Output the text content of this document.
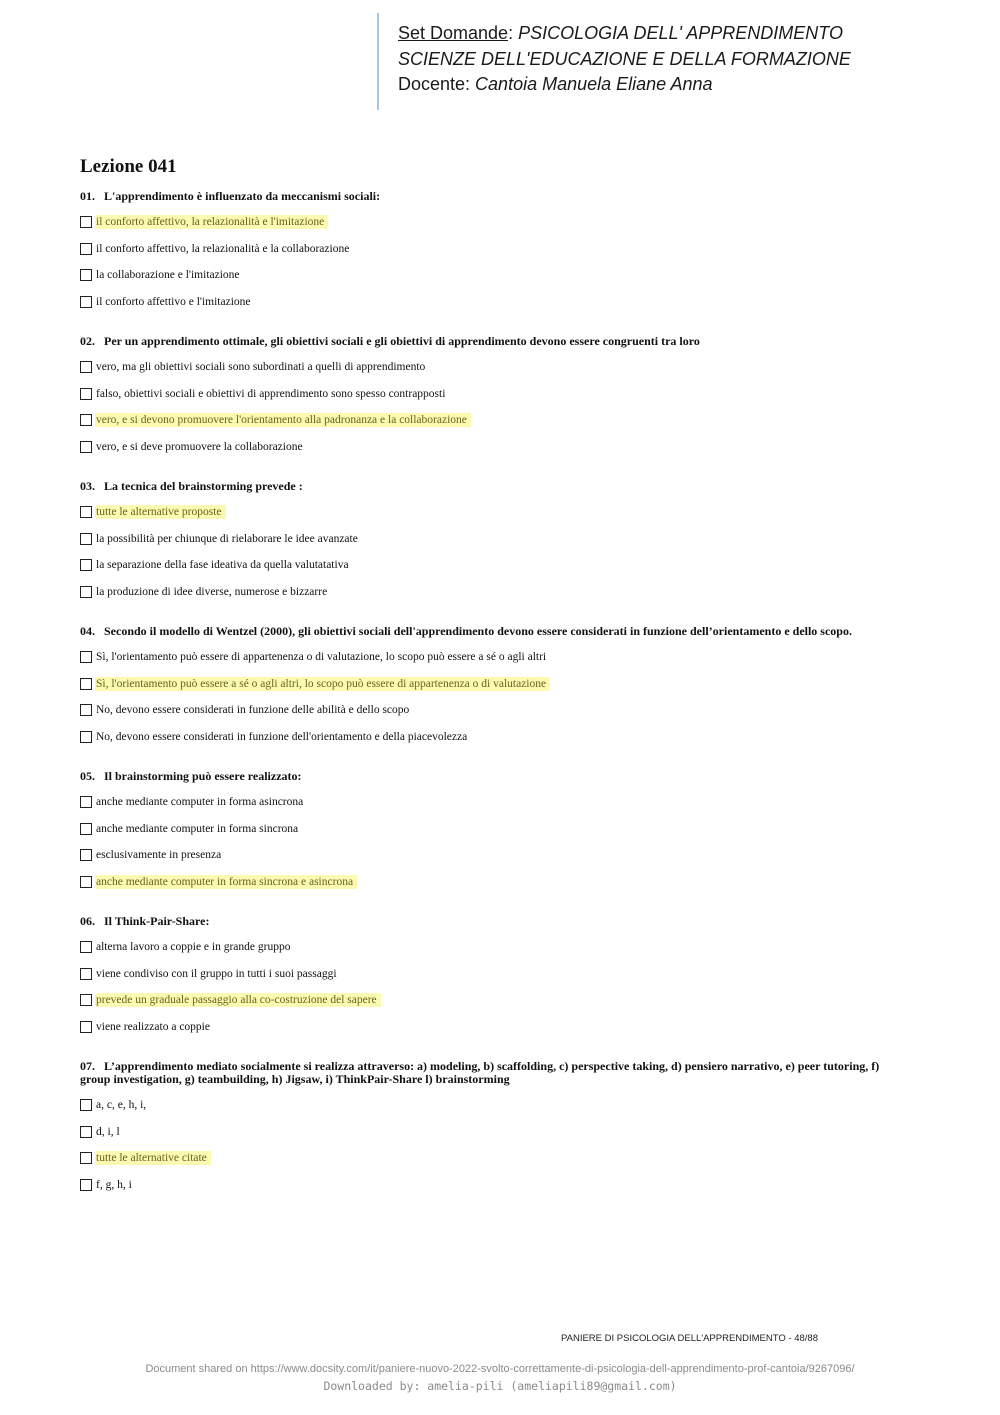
Set Domande: PSICOLOGIA DELL' APPRENDIMENTO
SCIENZE DELL'EDUCAZIONE E DELLA FORMAZIONE
Docente: Cantoia Manuela Eliane Anna
Lezione 041
01. L'apprendimento è influenzato da meccanismi sociali:
il conforto affettivo, la relazionalità e l'imitazione
il conforto affettivo, la relazionalità e la collaborazione
la collaborazione e l'imitazione
il conforto affettivo e l'imitazione
02. Per un apprendimento ottimale, gli obiettivi sociali e gli obiettivi di apprendimento devono essere congruenti tra loro
vero, ma gli obiettivi sociali sono subordinati a quelli di apprendimento
falso, obiettivi sociali e obiettivi di apprendimento sono spesso contrapposti
vero, e si devono promuovere l'orientamento alla padronanza e la collaborazione
vero, e si deve promuovere la collaborazione
03. La tecnica del brainstorming prevede :
tutte le alternative proposte
la possibilità per chiunque di rielaborare le idee avanzate
la separazione della fase ideativa da quella valutatativa
la produzione di idee diverse, numerose e bizzarre
04. Secondo il modello di Wentzel (2000), gli obiettivi sociali dell'apprendimento devono essere considerati in funzione dell’orientamento e dello scopo.
Sì, l'orientamento può essere di appartenenza o di valutazione, lo scopo può essere a sé o agli altri
Sì, l'orientamento può essere a sé o agli altri, lo scopo può essere di appartenenza o di valutazione
No, devono essere considerati in funzione delle abilità e dello scopo
No, devono essere considerati in funzione dell'orientamento e della piacevolezza
05. Il brainstorming può essere realizzato:
anche mediante computer in forma asincrona
anche mediante computer in forma sincrona
esclusivamente in presenza
anche mediante computer in forma sincrona e asincrona
06. Il Think-Pair-Share:
alterna lavoro a coppie e in grande gruppo
viene condiviso con il gruppo in tutti i suoi passaggi
prevede un graduale passaggio alla co-costruzione del sapere
viene realizzato a coppie
07. L’apprendimento mediato socialmente si realizza attraverso: a) modeling, b) scaffolding, c) perspective taking, d) pensiero narrativo, e) peer tutoring, f) group investigation, g) teambuilding, h) Jigsaw, i) ThinkPair-Share l) brainstorming
a, c, e, h, i,
d, i, l
tutte le alternative citate
f, g, h, i
PANIERE DI PSICOLOGIA DELL'APPRENDIMENTO - 48/88
Document shared on https://www.docsity.com/it/paniere-nuovo-2022-svolto-correttamente-di-psicologia-dell-apprendimento-prof-cantoia/9267096/
Downloaded by: amelia-pili (ameliapili89@gmail.com)
